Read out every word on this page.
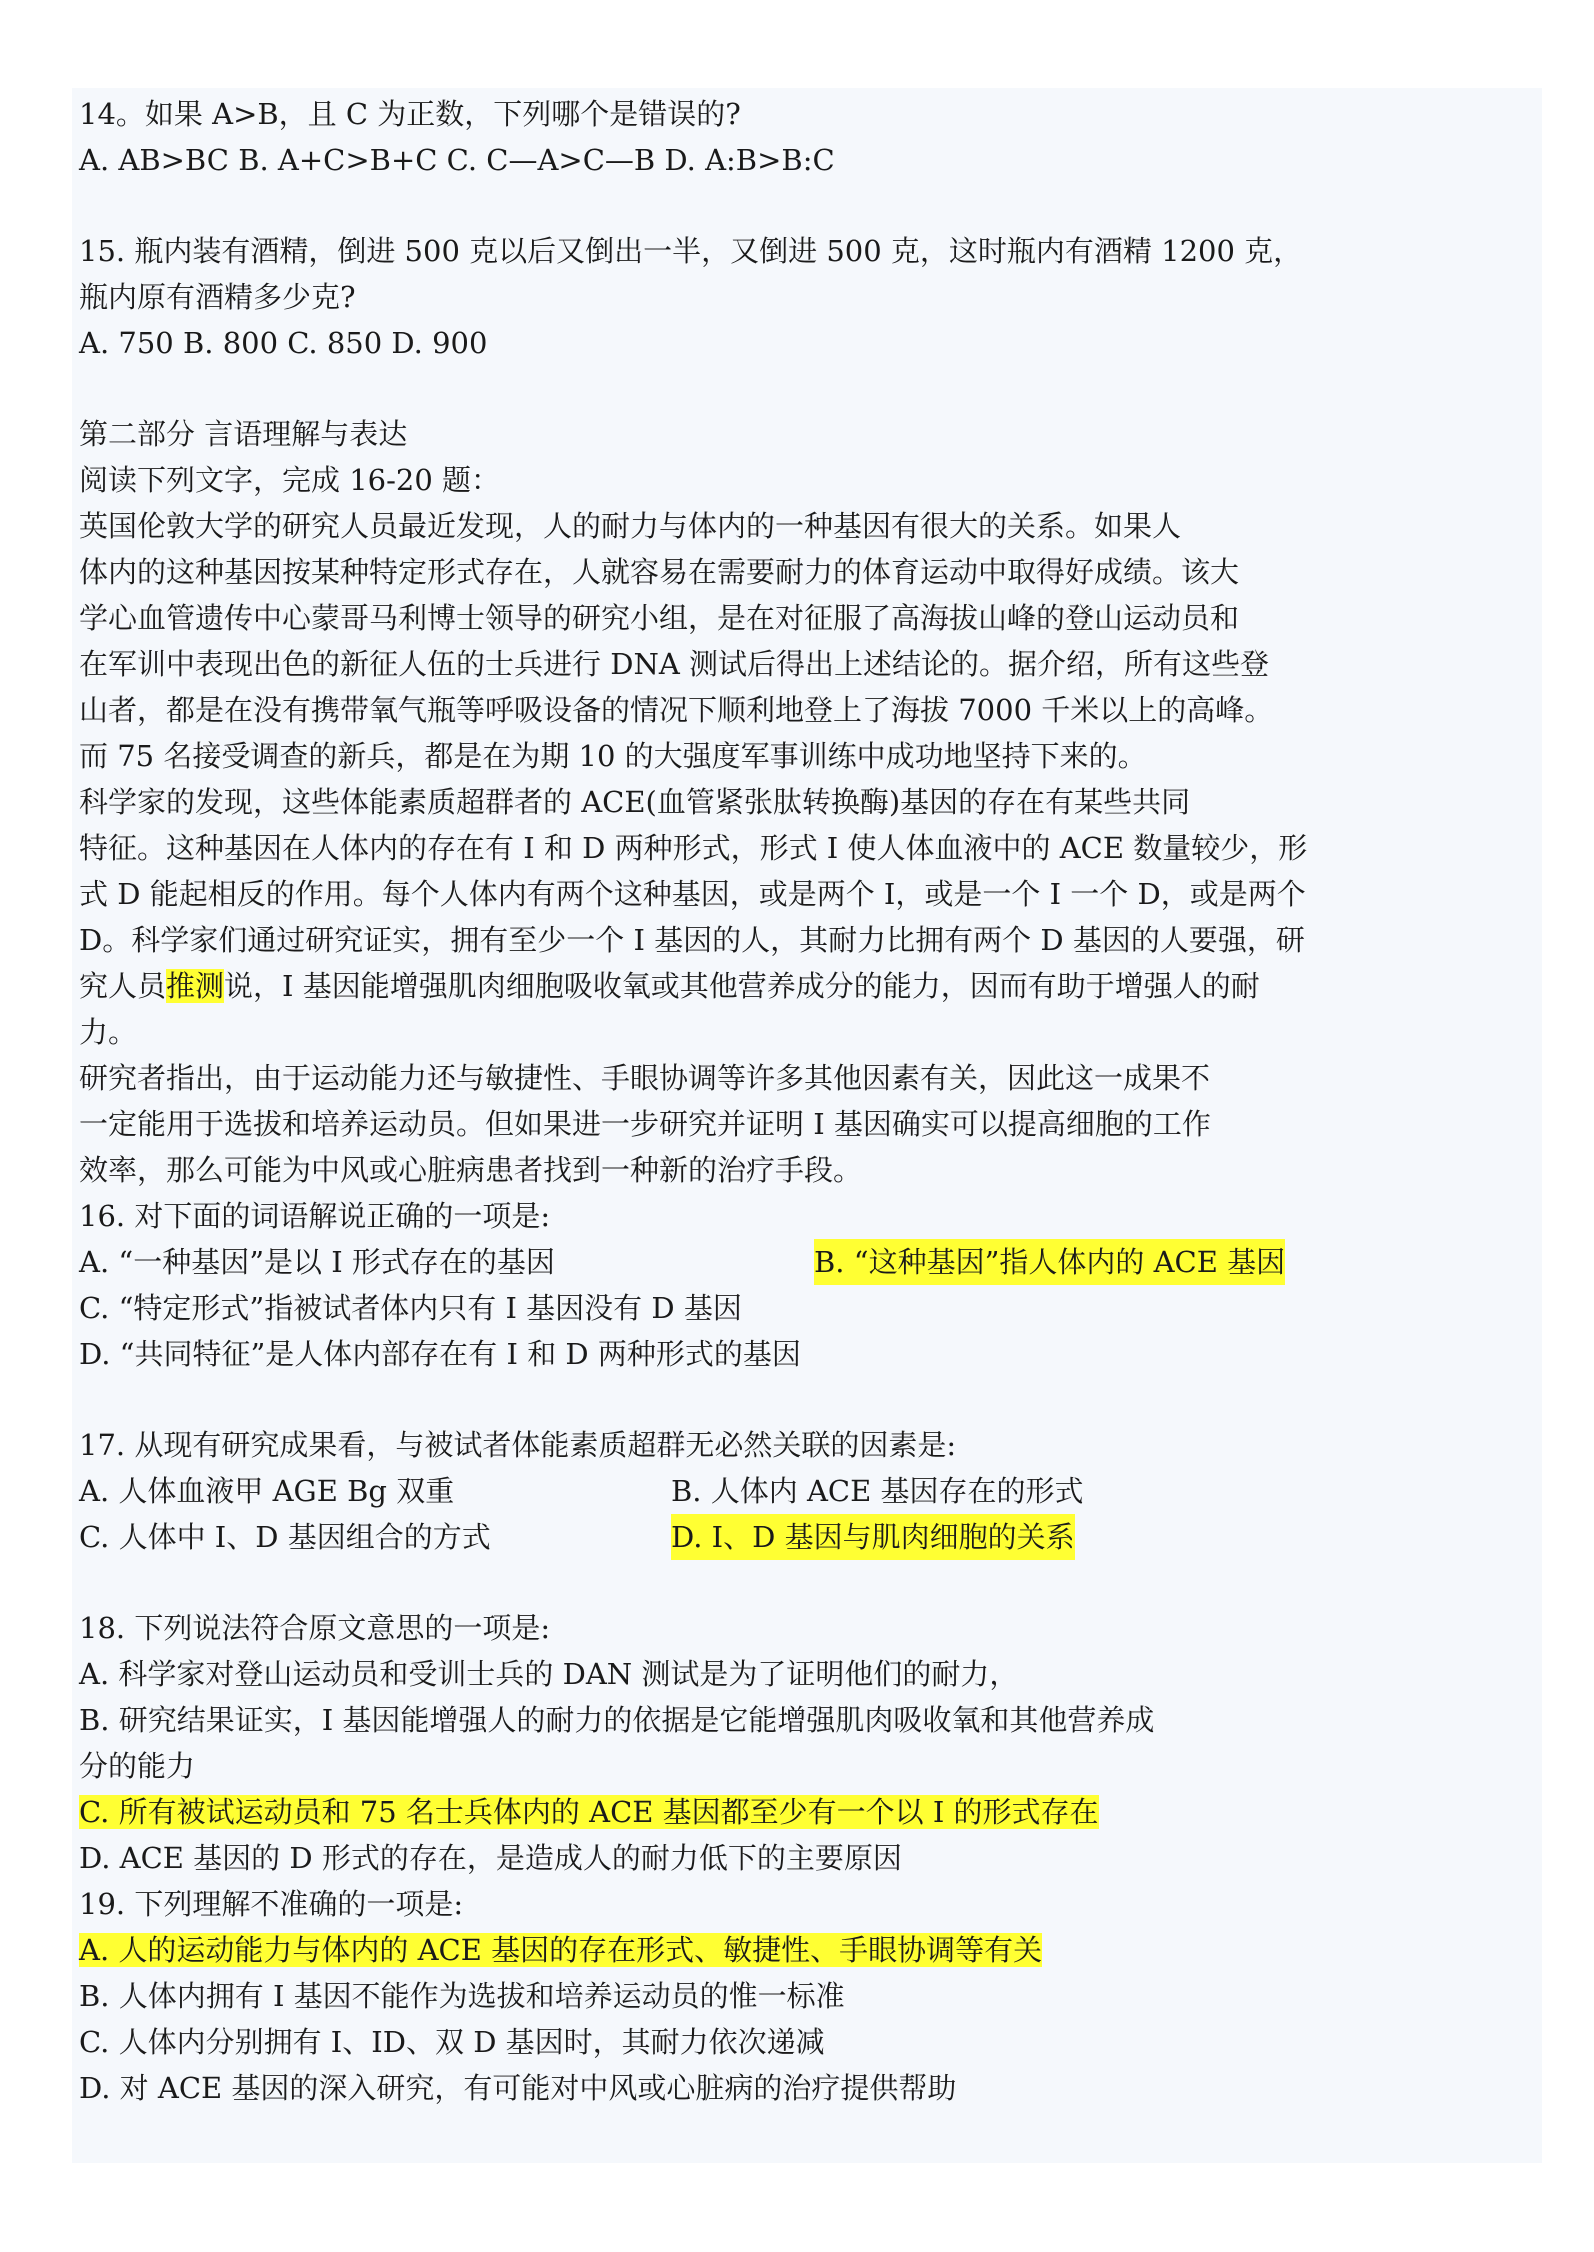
14。如果 A>B，且 C 为正数，下列哪个是错误的?
A. AB>BC B. A+C>B+C C. C—A>C—B D. A:B>B:C
15. 瓶内装有酒精，倒进 500 克以后又倒出一半，又倒进 500 克，这时瓶内有酒精 1200 克，
瓶内原有酒精多少克?
A. 750 B. 800 C. 850 D. 900
第二部分 言语理解与表达
阅读下列文字，完成 16-20 题：
英国伦敦大学的研究人员最近发现，人的耐力与体内的一种基因有很大的关系。如果人
体内的这种基因按某种特定形式存在，人就容易在需要耐力的体育运动中取得好成绩。该大
学心血管遗传中心蒙哥马利博士领导的研究小组，是在对征服了高海拔山峰的登山运动员和
在军训中表现出色的新征人伍的士兵进行 DNA 测试后得出上述结论的。据介绍，所有这些登
山者，都是在没有携带氧气瓶等呼吸设备的情况下顺利地登上了海拔 7000 千米以上的高峰。
而 75 名接受调查的新兵，都是在为期 10 的大强度军事训练中成功地坚持下来的。
科学家的发现，这些体能素质超群者的 ACE(血管紧张肽转换酶)基因的存在有某些共同
特征。这种基因在人体内的存在有 I 和 D 两种形式，形式 I 使人体血液中的 ACE 数量较少，形
式 D 能起相反的作用。每个人体内有两个这种基因，或是两个 I，或是一个 I 一个 D，或是两个
D。科学家们通过研究证实，拥有至少一个 I 基因的人，其耐力比拥有两个 D 基因的人要强，研
究人员推测说，I 基因能增强肌肉细胞吸收氧或其他营养成分的能力，因而有助于增强人的耐
力。
研究者指出，由于运动能力还与敏捷性、手眼协调等许多其他因素有关，因此这一成果不
一定能用于选拔和培养运动员。但如果进一步研究并证明 I 基因确实可以提高细胞的工作
效率，那么可能为中风或心脏病患者找到一种新的治疗手段。
16. 对下面的词语解说正确的一项是:
A. “一种基因”是以 I 形式存在的基因	B. “这种基因”指人体内的 ACE 基因
C. “特定形式”指被试者体内只有 I 基因没有 D 基因
D. “共同特征”是人体内部存在有 I 和 D 两种形式的基因
17. 从现有研究成果看，与被试者体能素质超群无必然关联的因素是:
A. 人体血液甲 AGE Bg 双重	B. 人体内 ACE 基因存在的形式
C. 人体中 I、D 基因组合的方式	D. I、D 基因与肌肉细胞的关系
18. 下列说法符合原文意思的一项是:
A. 科学家对登山运动员和受训士兵的 DAN 测试是为了证明他们的耐力，
B. 研究结果证实，I 基因能增强人的耐力的依据是它能增强肌肉吸收氧和其他营养成
分的能力
C. 所有被试运动员和 75 名士兵体内的 ACE 基因都至少有一个以 I 的形式存在
D. ACE 基因的 D 形式的存在，是造成人的耐力低下的主要原因
19. 下列理解不准确的一项是:
A. 人的运动能力与体内的 ACE 基因的存在形式、敏捷性、手眼协调等有关
B. 人体内拥有 I 基因不能作为选拔和培养运动员的惟一标准
C. 人体内分别拥有 I、ID、双 D 基因时，其耐力依次递减
D. 对 ACE 基因的深入研究，有可能对中风或心脏病的治疗提供帮助
